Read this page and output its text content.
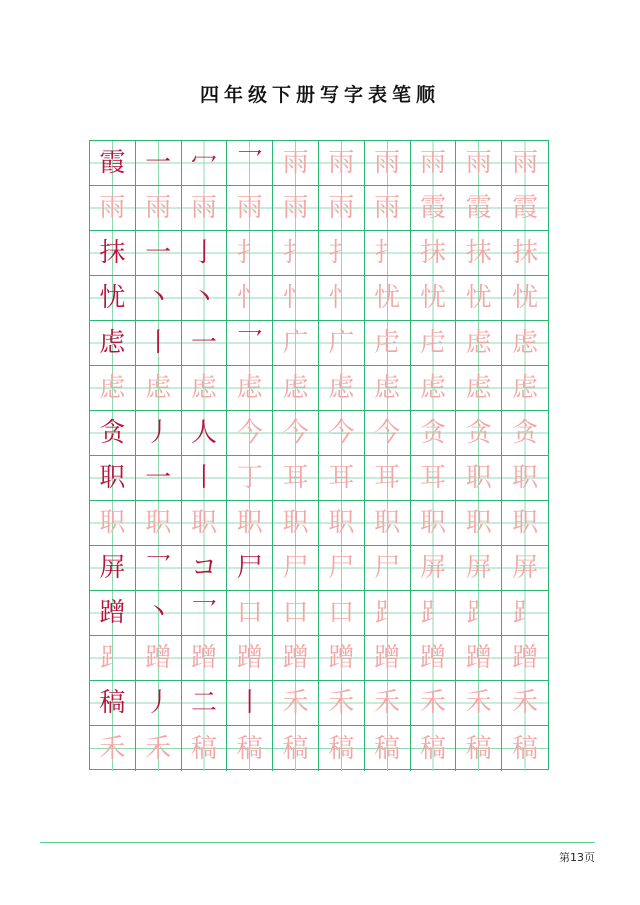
四年级下册写字表笔顺
霞 一 冖 乛 雨 雨 雨 雨 雨 雨
雨 雨 雨 雨 雨 雨 雨 霞 霞 霞
抹 一 亅 扌 扌 扌 扌 抹 抹 抹
忧 丶 丶 忄 忄 忄 忧 忧 忧 忧
虑 丨 一 乛 广 广 虍 虍 虑 虑
虑 虑 虑 虑 虑 虑 虑 虑 虑 虑
贪 丿 人 今 今 今 今 贪 贪 贪
职 一 丨 丁 耳 耳 耳 耳 职 职
职 职 职 职 职 职 职 职 职 职
屏 乛 コ 尸 尸 尸 尸 屏 屏 屏
蹭 丶 乛 口 口 口 ⻊ ⻊ ⻊ ⻊
⻊ 蹭 蹭 蹭 蹭 蹭 蹭 蹭 蹭 蹭
稿 丿 二 丨 禾 禾 禾 禾 禾 禾
禾 禾 稿 稿 稿 稿 稿 稿 稿 稿
第13页
